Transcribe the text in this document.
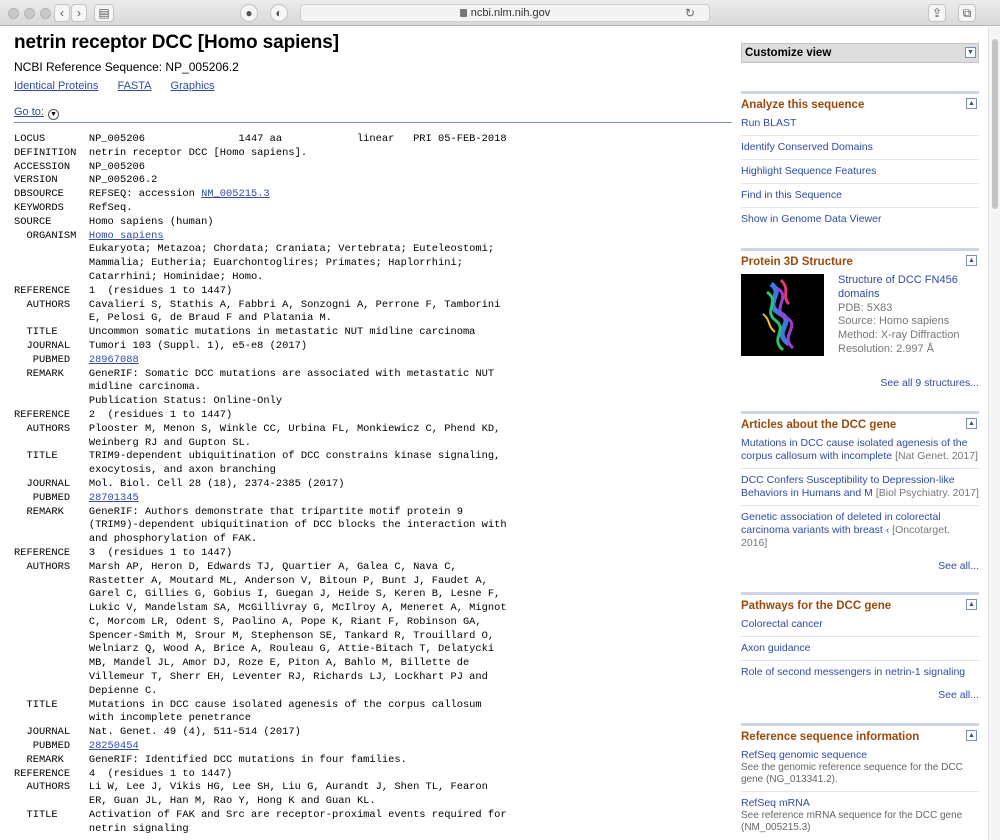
‹	›	▤	●	◐	ncbi.nlm.nih.gov	↻	⇪	⧉
netrin receptor DCC [Homo sapiens]
NCBI Reference Sequence: NP_005206.2
Identical Proteins FASTA Graphics
Go to: ▼
LOCUS       NP_005206               1447 aa            linear   PRI 05-FEB-2018
DEFINITION  netrin receptor DCC [Homo sapiens].
ACCESSION   NP_005206
VERSION     NP_005206.2
DBSOURCE    REFSEQ: accession NM_005215.3
KEYWORDS    RefSeq.
SOURCE      Homo sapiens (human)
ORGANISM  Homo sapiens
Eukaryota; Metazoa; Chordata; Craniata; Vertebrata; Euteleostomi;
Mammalia; Eutheria; Euarchontoglires; Primates; Haplorrhini;
Catarrhini; Hominidae; Homo.
REFERENCE   1  (residues 1 to 1447)
AUTHORS   Cavalieri S, Stathis A, Fabbri A, Sonzogni A, Perrone F, Tamborini
E, Pelosi G, de Braud F and Platania M.
TITLE     Uncommon somatic mutations in metastatic NUT midline carcinoma
JOURNAL   Tumori 103 (Suppl. 1), e5-e8 (2017)
PUBMED   28967088
REMARK    GeneRIF: Somatic DCC mutations are associated with metastatic NUT
midline carcinoma.
Publication Status: Online-Only
REFERENCE   2  (residues 1 to 1447)
AUTHORS   Plooster M, Menon S, Winkle CC, Urbina FL, Monkiewicz C, Phend KD,
Weinberg RJ and Gupton SL.
TITLE     TRIM9-dependent ubiquitination of DCC constrains kinase signaling,
exocytosis, and axon branching
JOURNAL   Mol. Biol. Cell 28 (18), 2374-2385 (2017)
PUBMED   28701345
REMARK    GeneRIF: Authors demonstrate that tripartite motif protein 9
(TRIM9)-dependent ubiquitination of DCC blocks the interaction with
and phosphorylation of FAK.
REFERENCE   3  (residues 1 to 1447)
AUTHORS   Marsh AP, Heron D, Edwards TJ, Quartier A, Galea C, Nava C,
Rastetter A, Moutard ML, Anderson V, Bitoun P, Bunt J, Faudet A,
Garel C, Gillies G, Gobius I, Guegan J, Heide S, Keren B, Lesne F,
Lukic V, Mandelstam SA, McGillivray G, McIlroy A, Meneret A, Mignot
C, Morcom LR, Odent S, Paolino A, Pope K, Riant F, Robinson GA,
Spencer-Smith M, Srour M, Stephenson SE, Tankard R, Trouillard O,
Welniarz Q, Wood A, Brice A, Rouleau G, Attie-Bitach T, Delatycki
MB, Mandel JL, Amor DJ, Roze E, Piton A, Bahlo M, Billette de
Villemeur T, Sherr EH, Leventer RJ, Richards LJ, Lockhart PJ and
Depienne C.
TITLE     Mutations in DCC cause isolated agenesis of the corpus callosum
with incomplete penetrance
JOURNAL   Nat. Genet. 49 (4), 511-514 (2017)
PUBMED   28250454
REMARK    GeneRIF: Identified DCC mutations in four families.
REFERENCE   4  (residues 1 to 1447)
AUTHORS   Li W, Lee J, Vikis HG, Lee SH, Liu G, Aurandt J, Shen TL, Fearon
ER, Guan JL, Han M, Rao Y, Hong K and Guan KL.
TITLE     Activation of FAK and Src are receptor-proximal events required for
netrin signaling
Customize view	▼
Analyze this sequence	▲
Run BLAST
Identify Conserved Domains
Highlight Sequence Features
Find in this Sequence
Show in Genome Data Viewer
Protein 3D Structure	▲
Structure of DCC FN456 domains
PDB: 5X83
Source: Homo sapiens
Method: X-ray Diffraction
Resolution: 2.997 Å
See all 9 structures...
Articles about the DCC gene	▲
Mutations in DCC cause isolated agenesis of the corpus callosum with incomplete [Nat Genet. 2017]
DCC Confers Susceptibility to Depression-like Behaviors in Humans and M [Biol Psychiatry. 2017]
Genetic association of deleted in colorectal carcinoma variants with breast ‹ [Oncotarget. 2016]
See all...
Pathways for the DCC gene	▲
Colorectal cancer
Axon guidance
Role of second messengers in netrin-1 signaling
See all...
Reference sequence information	▲
RefSeq genomic sequence
See the genomic reference sequence for the DCC gene (NG_013341.2).
RefSeq mRNA
See reference mRNA sequence for the DCC gene (NM_005215.3)
